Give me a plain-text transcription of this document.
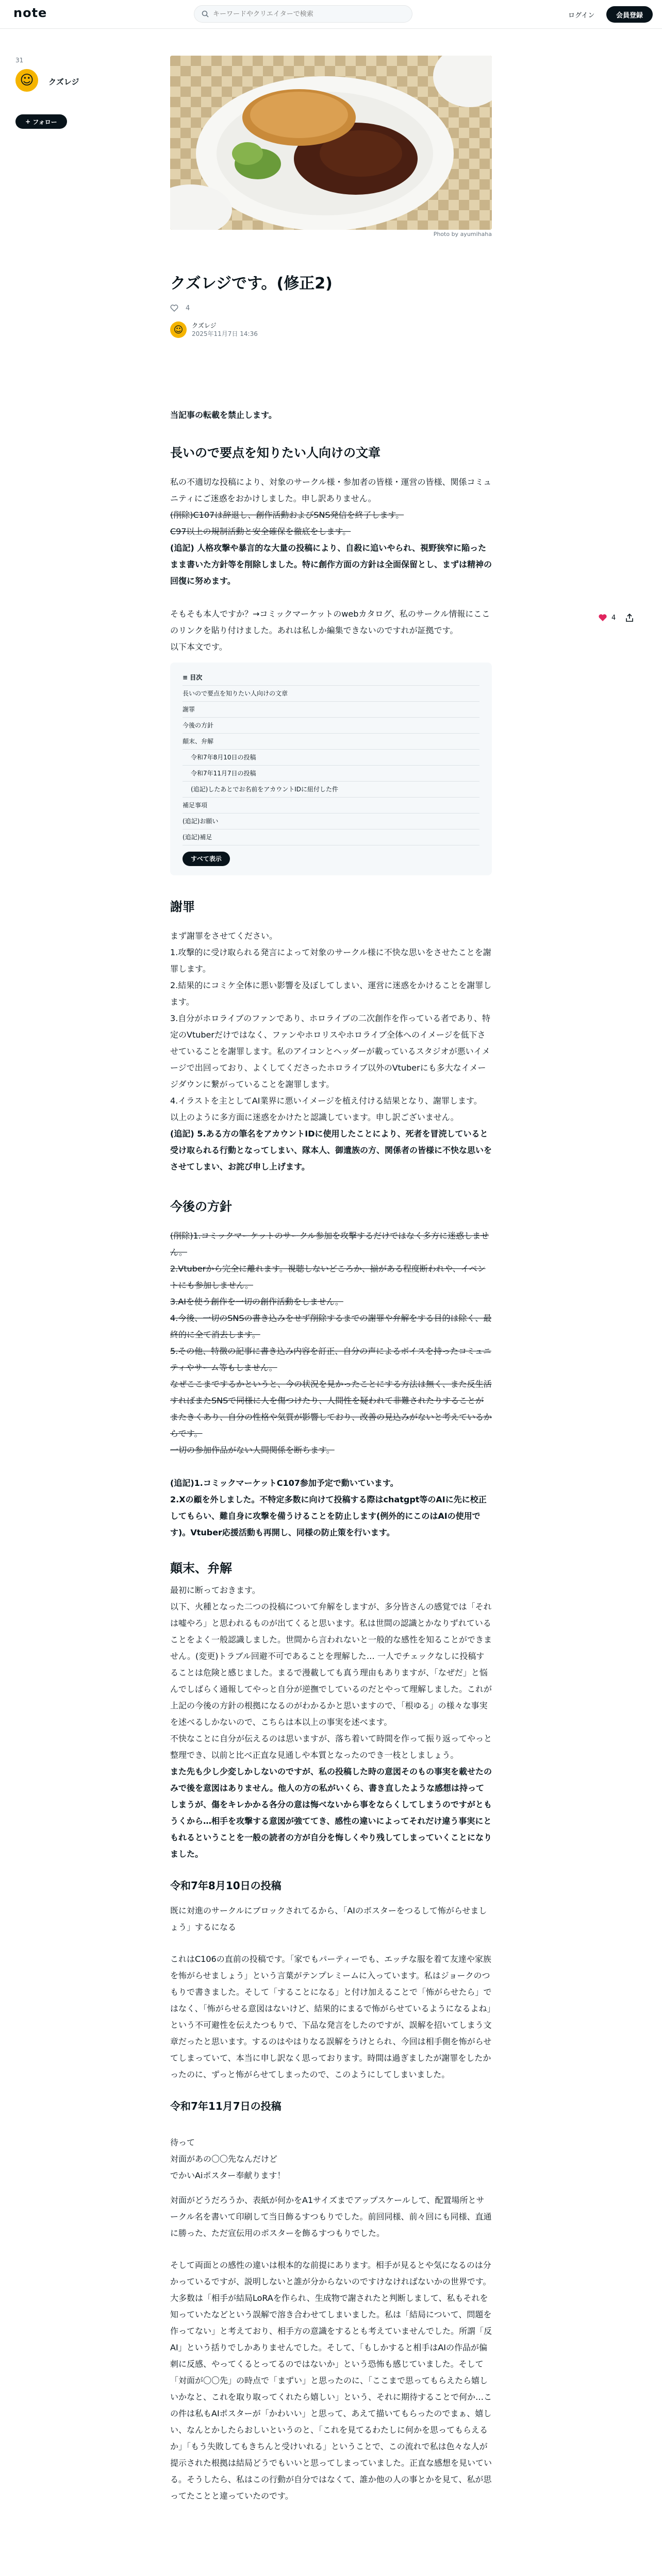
note
キーワードやクリエイターで検索	ログイン	会員登録
31
☺ クズレジ
+ フォロー
Photo by ayumihaha
クズレジです。(修正2)
4
☺ クズレジ
2025年11月7日 14:36

当記事の転載を禁止します。

長いので要点を知りたい人向けの文章

私の不適切な投稿により、対象のサークル様・参加者の皆様・運営の皆様、関係コミュニティにご迷惑をおかけしました。申し訳ありません。

(削除)C107は辞退し、創作活動およびSNS発信を終了します。

C97以上の規制活動と安全確保を徹底をします。

(追記) 人格攻撃や暴言的な大量の投稿により、自殺に追いやられ、視野狭窄に陥ったまま書いた方針等を削除しました。特に創作方面の方針は全面保留とし、まずは精神の回復に努めます。

そもそも本人ですか？→コミックマーケットのwebカタログ、私のサークル情報にここのリンクを貼り付けました。あれは私しか編集できないのですれが証拠です。

以下本文です。

≡ 目次
長いので要点を知りたい人向けの文章
謝罪
今後の方針
顛末、弁解
令和7年8月10日の投稿
令和7年11月7日の投稿
(追記)したあとでお名前をアカウントIDに紐付した件
補足事項
(追記)お願い
(追記)補足
すべて表示

謝罪

まず謝罪をさせてください。

1.攻撃的に受け取られる発言によって対象のサークル様に不快な思いをさせたことを謝罪します。

2.結果的にコミケ全体に悪い影響を及ぼしてしまい、運営に迷惑をかけることを謝罪します。

3.自分がホロライブのファンであり、ホロライブの二次創作を作っている者であり、特定のVtuberだけではなく、ファンやホロリスやホロライブ全体へのイメージを低下させていることを謝罪します。私のアイコンとヘッダーが載っているスタジオが悪いイメージで出回っており、よくしてくださったホロライブ以外のVtuberにも多大なイメージダウンに繋がっていることを謝罪します。

4.イラストを主としてAI業界に悪いイメージを植え付ける結果となり、謝罪します。

以上のように多方面に迷惑をかけたと認識しています。申し訳ございません。

(追記) 5.ある方の筆名をアカウントIDに使用したことにより、死者を冒涜していると受け取られる行動となってしまい、隊本人、御遺族の方、関係者の皆様に不快な思いをさせてしまい、お詫び申し上げます。

今後の方針

(削除)1.コミックマーケットのサークル参加を攻撃するだけではなく多方に迷惑しません。

2.Vtuberから完全に離れます。視聴しないどころか、揃がある程度断われや、イベントにも参加しません。

3.AIを使う創作を一切の創作活動をしません。

4.今後、一切のSNSの書き込みをせず削除するまでの謝罪や弁解をする目的は除く、最終的に全て消去します。

5.その他、特徴の記事に書き込み内容を訂正、自分の声によるボイスを持ったコミュニティやサーム等もしません。

なぜここまでするかというと、今の状況を見かったことにする方法は無く、また反生活すればまたSNSで同様に人を傷つけたり、人間性を疑われて非難されたりすることがまたきくあり、自分の性格や気質が影響しており、改善の見込みがないと考えているからです。

一切の参加作品がない人間関係を断ちます。

(追記)1.コミックマーケットC107参加予定で動いています。

2.Xの顧を外しました。不特定多数に向けて投稿する際はchatgpt等のAIに先に校正してもらい、難自身に攻撃を備うけることを防止します(例外的にこのはAIの使用です)。Vtuber応援活動も再開し、同様の防止策を行います。

顛末、弁解

最初に断っておきます。

以下、火種となった二つの投稿について弁解をしますが、多分皆さんの感覚では「それは嘘やろ」と思われるものが出てくると思います。私は世間の認識とかなりずれていることをよく一般認識しました。世間から言われないと一般的な感性を知ることができません。(変更)トラブル回避不可であることを理解した… 一人でチェックなしに投稿することは危険と感じました。まるで漫載しても真う理由もありますが、「なぜだ」と悩んでしばらく通報してやっと自分が逆撫でしているのだとやって理解しました。これが上記の今後の方針の根拠になるのがわかるかと思いますので、「根ゆる」の様々な事実を述べるしかないので、こちらは本以上の事実を述べます。

不快なことに自分が伝えるのは思いますが、落ち着いて時間を作って振り返ってやっと整理でき、以前と比べ正直な見通しや本質となったのでき一枝としましょう。

また先も少し少変しかしないのですが、私の投稿した時の意図そのもの事実を載せたのみで後を意図はありません。他人の方の私がいくら、書き直したような感想は持ってしまうが、傷をキレかかる各分の意は悔べないから事をならくしてしまうのですがともうくから…相手を攻撃する意図が強ててき、感性の違いによってそれだけ違う事実にともれるということを一般の読者の方が自分を悔しくやり残してしまっていくことになりました。

令和7年8月10日の投稿

既に対進のサークルにブロックされてるから、「AIのボスターをつるして怖がらせましょう」するになる

これはC106の直前の投稿です。「家でもパーティーでも、エッチな服を着て友達や家族を怖がらせましょう」という言葉がテンプレミームに入っています。私はジョークのつもりで書きました。そして「することになる」と付け加えることで「怖がらせたら」ではなく、「怖がらせる意図はないけど、結果的にまるで怖がらせているようになるよね」という不可避性を伝えたつもりで、下品な発言をしたのですが、誤解を招いてしまう文章だったと思います。するのはやはりなる誤解をうけとられ、今回は相手側を怖がらせてしまっていて、本当に申し訳なく思っております。時間は過ぎましたが謝罪をしたかったのに、ずっと怖がらせてしまったので、このようにしてしまいました。

令和7年11月7日の投稿

待って

対面があの〇〇先なんだけど

でかいAiポスター奉献ります！

対面がどうだろうか、表紙が何かをA1サイズまでアップスケールして、配置場所とサークル名を書いて印刷して当日飾るすつもりでした。前回同様、前々回にも同様、直通に勝った、ただ宣伝用のポスターを飾るすつもりでした。

そして両面との感性の違いは根本的な前提にあります。相手が見るとや気になるのは分かっているですが、説明しないと誰が分からないのですけなければないかの世界です。大多数は「相手が結局LoRAを作られ、生成物で謝されたと判断しまして、私もそれを知っていたなどという誤解で溶き合わせてしまいました。私は「結局について、問題を作ってない」と考えており、相手方の意識をするとも考えていませんでした。所謂「反AI」という括りでしかありませんでした。そして、「もしかすると相手はAIの作品が偏刺に反感、やってくるとってるのではないか」という恐怖も感じていました。そして「対面が〇〇先」の時点で「まずい」と思ったのに、「ここまで思ってもらえたら嬉しいかなと、これを取り取ってくれたら嬉しい」という、それに期待することで何か…この件は私もAIポスターが「かわいい」と思って、あえて描いてもらったのでまぁ、嬉しい、なんとかしたらおしいというのと、「これを見てるわたしに何かを思ってもらえるか」「もう失敗してもきちんと受けいれる」ということで、この流れで私は色々な人が提示された根拠は結局どうでもいいと思ってしまっていました。正直な感想を見いている。そうしたら、私はこの行動が自分ではなくて、誰か他の人の事とかを見て、私が思ってたことと違っていたのです。

4
